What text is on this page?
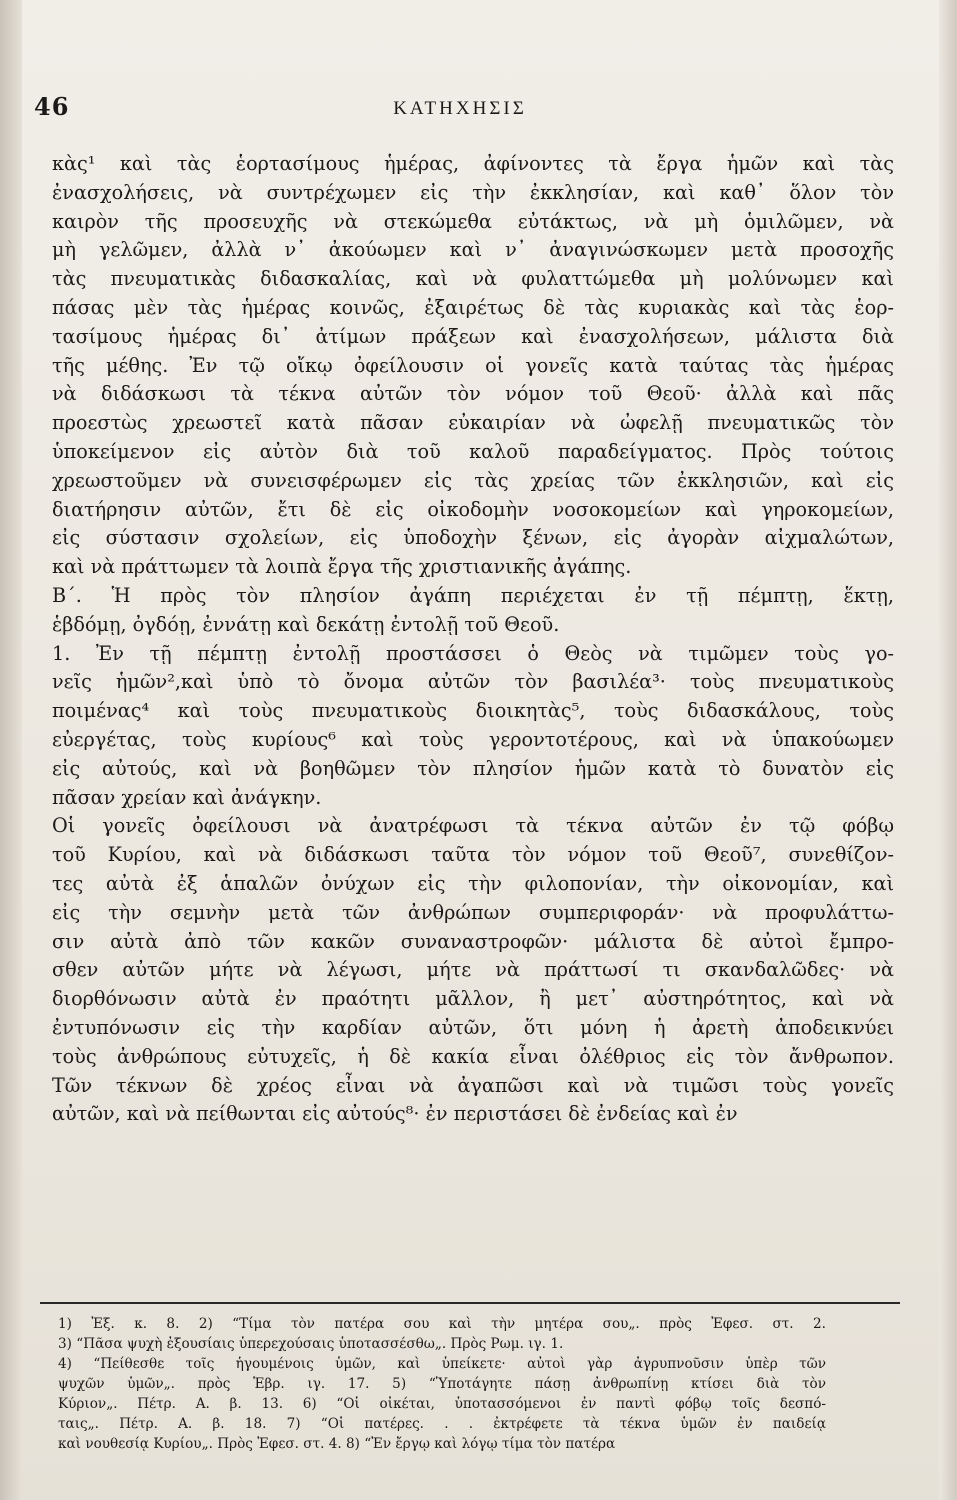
46	ΚΑΤΗΧΗΣΙΣ
κὰς¹ καὶ τὰς ἑορτασίμους ἡμέρας, ἀφίνοντες τὰ ἔργα ἡμῶν καὶ τὰς
ἐνασχολήσεις, νὰ συντρέχωμεν εἰς τὴν ἐκκλησίαν, καὶ καθ᾽ ὅλον τὸν
καιρὸν τῆς προσευχῆς νὰ στεκώμεθα εὐτάκτως, νὰ μὴ ὁμιλῶμεν, νὰ
μὴ γελῶμεν, ἀλλὰ ν᾽ ἀκούωμεν καὶ ν᾽ ἀναγινώσκωμεν μετὰ προσοχῆς
τὰς πνευματικὰς διδασκαλίας, καὶ νὰ φυλαττώμεθα μὴ μολύνωμεν καὶ
πάσας μὲν τὰς ἡμέρας κοινῶς, ἐξαιρέτως δὲ τὰς κυριακὰς καὶ τὰς ἑορ-
τασίμους ἡμέρας δι᾽ ἀτίμων πράξεων καὶ ἐνασχολήσεων, μάλιστα διὰ
τῆς μέθης. Ἐν τῷ οἴκῳ ὀφείλουσιν οἱ γονεῖς κατὰ ταύτας τὰς ἡμέρας
νὰ διδάσκωσι τὰ τέκνα αὐτῶν τὸν νόμον τοῦ Θεοῦ· ἀλλὰ καὶ πᾶς
προεστὼς χρεωστεῖ κατὰ πᾶσαν εὐκαιρίαν νὰ ὠφελῇ πνευματικῶς τὸν
ὑποκείμενον εἰς αὐτὸν διὰ τοῦ καλοῦ παραδείγματος. Πρὸς τούτοις
χρεωστοῦμεν νὰ συνεισφέρωμεν εἰς τὰς χρείας τῶν ἐκκλησιῶν, καὶ εἰς
διατήρησιν αὐτῶν, ἔτι δὲ εἰς οἰκοδομὴν νοσοκομείων καὶ γηροκομείων,
εἰς σύστασιν σχολείων, εἰς ὑποδοχὴν ξένων, εἰς ἀγορὰν αἰχμαλώτων,
καὶ νὰ πράττωμεν τὰ λοιπὰ ἔργα τῆς χριστιανικῆς ἀγάπης.
Β΄. Ἡ πρὸς τὸν πλησίον ἀγάπη περιέχεται ἐν τῇ πέμπτῃ, ἕκτῃ,
ἑβδόμῃ, ὀγδόῃ, ἐννάτῃ καὶ δεκάτῃ ἐντολῇ τοῦ Θεοῦ.
1. Ἐν τῇ πέμπτῃ ἐντολῇ προστάσσει ὁ Θεὸς νὰ τιμῶμεν τοὺς γο-
νεῖς ἡμῶν²,καὶ ὑπὸ τὸ ὄνομα αὐτῶν τὸν βασιλέα³· τοὺς πνευματικοὺς
ποιμένας⁴ καὶ τοὺς πνευματικοὺς διοικητὰς⁵, τοὺς διδασκάλους, τοὺς
εὐεργέτας, τοὺς κυρίους⁶ καὶ τοὺς γεροντοτέρους, καὶ νὰ ὑπακούωμεν
εἰς αὐτούς, καὶ νὰ βοηθῶμεν τὸν πλησίον ἡμῶν κατὰ τὸ δυνατὸν εἰς
πᾶσαν χρείαν καὶ ἀνάγκην.
Οἱ γονεῖς ὀφείλουσι νὰ ἀνατρέφωσι τὰ τέκνα αὐτῶν ἐν τῷ φόβῳ
τοῦ Κυρίου, καὶ νὰ διδάσκωσι ταῦτα τὸν νόμον τοῦ Θεοῦ⁷, συνεθίζον-
τες αὐτὰ ἐξ ἁπαλῶν ὀνύχων εἰς τὴν φιλοπονίαν, τὴν οἰκονομίαν, καὶ
εἰς τὴν σεμνὴν μετὰ τῶν ἀνθρώπων συμπεριφοράν· νὰ προφυλάττω-
σιν αὐτὰ ἀπὸ τῶν κακῶν συναναστροφῶν· μάλιστα δὲ αὐτοὶ ἔμπρο-
σθεν αὐτῶν μήτε νὰ λέγωσι, μήτε νὰ πράττωσί τι σκανδαλῶδες· νὰ
διορθόνωσιν αὐτὰ ἐν πραότητι μᾶλλον, ἢ μετ᾽ αὐστηρότητος, καὶ νὰ
ἐντυπόνωσιν εἰς τὴν καρδίαν αὐτῶν, ὅτι μόνη ἡ ἀρετὴ ἀποδεικνύει
τοὺς ἀνθρώπους εὐτυχεῖς, ἡ δὲ κακία εἶναι ὀλέθριος εἰς τὸν ἄνθρωπον.
Τῶν τέκνων δὲ χρέος εἶναι νὰ ἀγαπῶσι καὶ νὰ τιμῶσι τοὺς γονεῖς
αὐτῶν, καὶ νὰ πείθωνται εἰς αὐτούς⁸· ἐν περιστάσει δὲ ἐνδείας καὶ ἐν
1) Ἐξ. κ. 8. 2) “Τίμα τὸν πατέρα σου καὶ τὴν μητέρα σου„. πρὸς Ἐφεσ. στ. 2.
3) “Πᾶσα ψυχὴ ἐξουσίαις ὑπερεχούσαις ὑποτασσέσθω„. Πρὸς Ρωμ. ιγ. 1.
4) “Πείθεσθε τοῖς ἡγουμένοις ὑμῶν, καὶ ὑπείκετε· αὐτοὶ γὰρ ἀγρυπνοῦσιν ὑπὲρ τῶν
ψυχῶν ὑμῶν„. πρὸς Ἑβρ. ιγ. 17. 5) “Ὑποτάγητε πάσῃ ἀνθρωπίνῃ κτίσει διὰ τὸν
Κύριον„. Πέτρ. Α. β. 13. 6) “Οἱ οἰκέται, ὑποτασσόμενοι ἐν παντὶ φόβῳ τοῖς δεσπό-
ταις„. Πέτρ. Α. β. 18. 7) “Οἱ πατέρες. . . ἐκτρέφετε τὰ τέκνα ὑμῶν ἐν παιδείᾳ
καὶ νουθεσίᾳ Κυρίου„. Πρὸς Ἐφεσ. στ. 4. 8) “Ἐν ἔργῳ καὶ λόγῳ τίμα τὸν πατέρα
